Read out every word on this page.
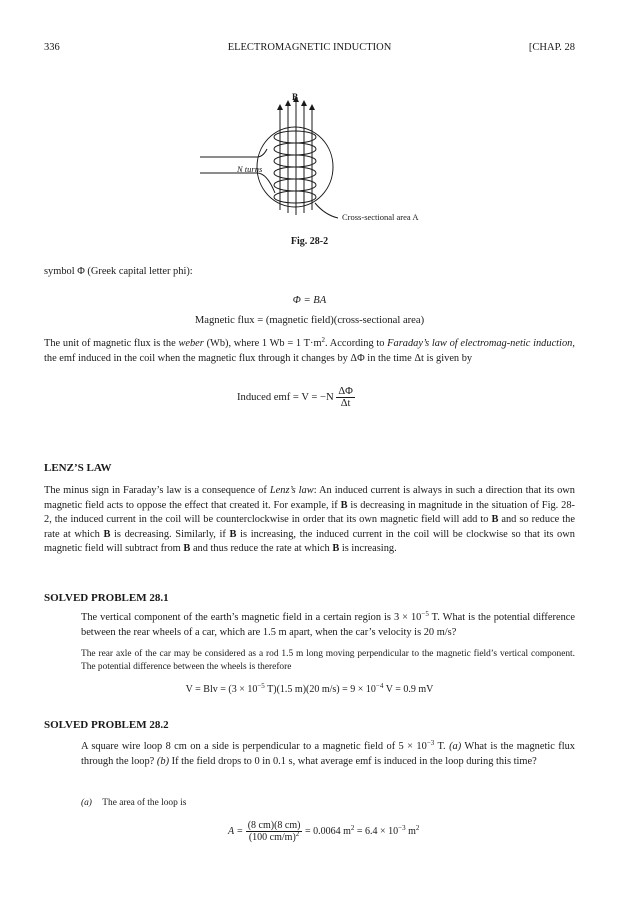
336	ELECTROMAGNETIC INDUCTION	[CHAP. 28
B
N turns
Cross-sectional area A
Fig. 28-2
symbol Φ (Greek capital letter phi):
Φ = BA
Magnetic flux = (magnetic field)(cross-sectional area)
The unit of magnetic flux is the weber (Wb), where 1 Wb = 1 $T\cdot m^2$. According to Faraday’s law of electromag-netic induction, the emf induced in the coil when the magnetic flux through it changes by ΔΦ in the time Δt is given by
Induced emf = $V = -N \frac{\Delta\Phi}{\Delta t}$
LENZ’S LAW
The minus sign in Faraday’s law is a consequence of Lenz’s law: An induced current is always in such a direction that its own magnetic field acts to oppose the effect that created it. For example, if B is decreasing in magnitude in the situation of Fig. 28-2, the induced current in the coil will be counterclockwise in order that its own magnetic field will add to B and so reduce the rate at which B is decreasing. Similarly, if B is increasing, the induced current in the coil will be clockwise so that its own magnetic field will subtract from B and thus reduce the rate at which B is increasing.
SOLVED PROBLEM 28.1
The vertical component of the earth’s magnetic field in a certain region is $3 \times 10^{-5}$ T. What is the potential difference between the rear wheels of a car, which are 1.5 m apart, when the car’s velocity is 20 m/s?
The rear axle of the car may be considered as a rod 1.5 m long moving perpendicular to the magnetic field’s vertical component. The potential difference between the wheels is therefore
V = Blv = ($3 \times 10^{-5}$ T)(1.5 m)(20 $m/s) = 9 \times 10^{-4}$ V = 0.9 mV
SOLVED PROBLEM 28.2
A square wire loop 8 cm on a side is perpendicular to a magnetic field of $5 \times 10^{-3}$ T. (a) What is the magnetic flux through the loop? (b) If the field drops to 0 in 0.1 s, what average emf is induced in the loop during this time?
(a) The area of the loop is
$A = \frac{(8 cm)(8 cm)}{(100 cm/m)^2} = 0.0064$ $m^2 = 6.4 \times 10^{-3}$ $m^2$
